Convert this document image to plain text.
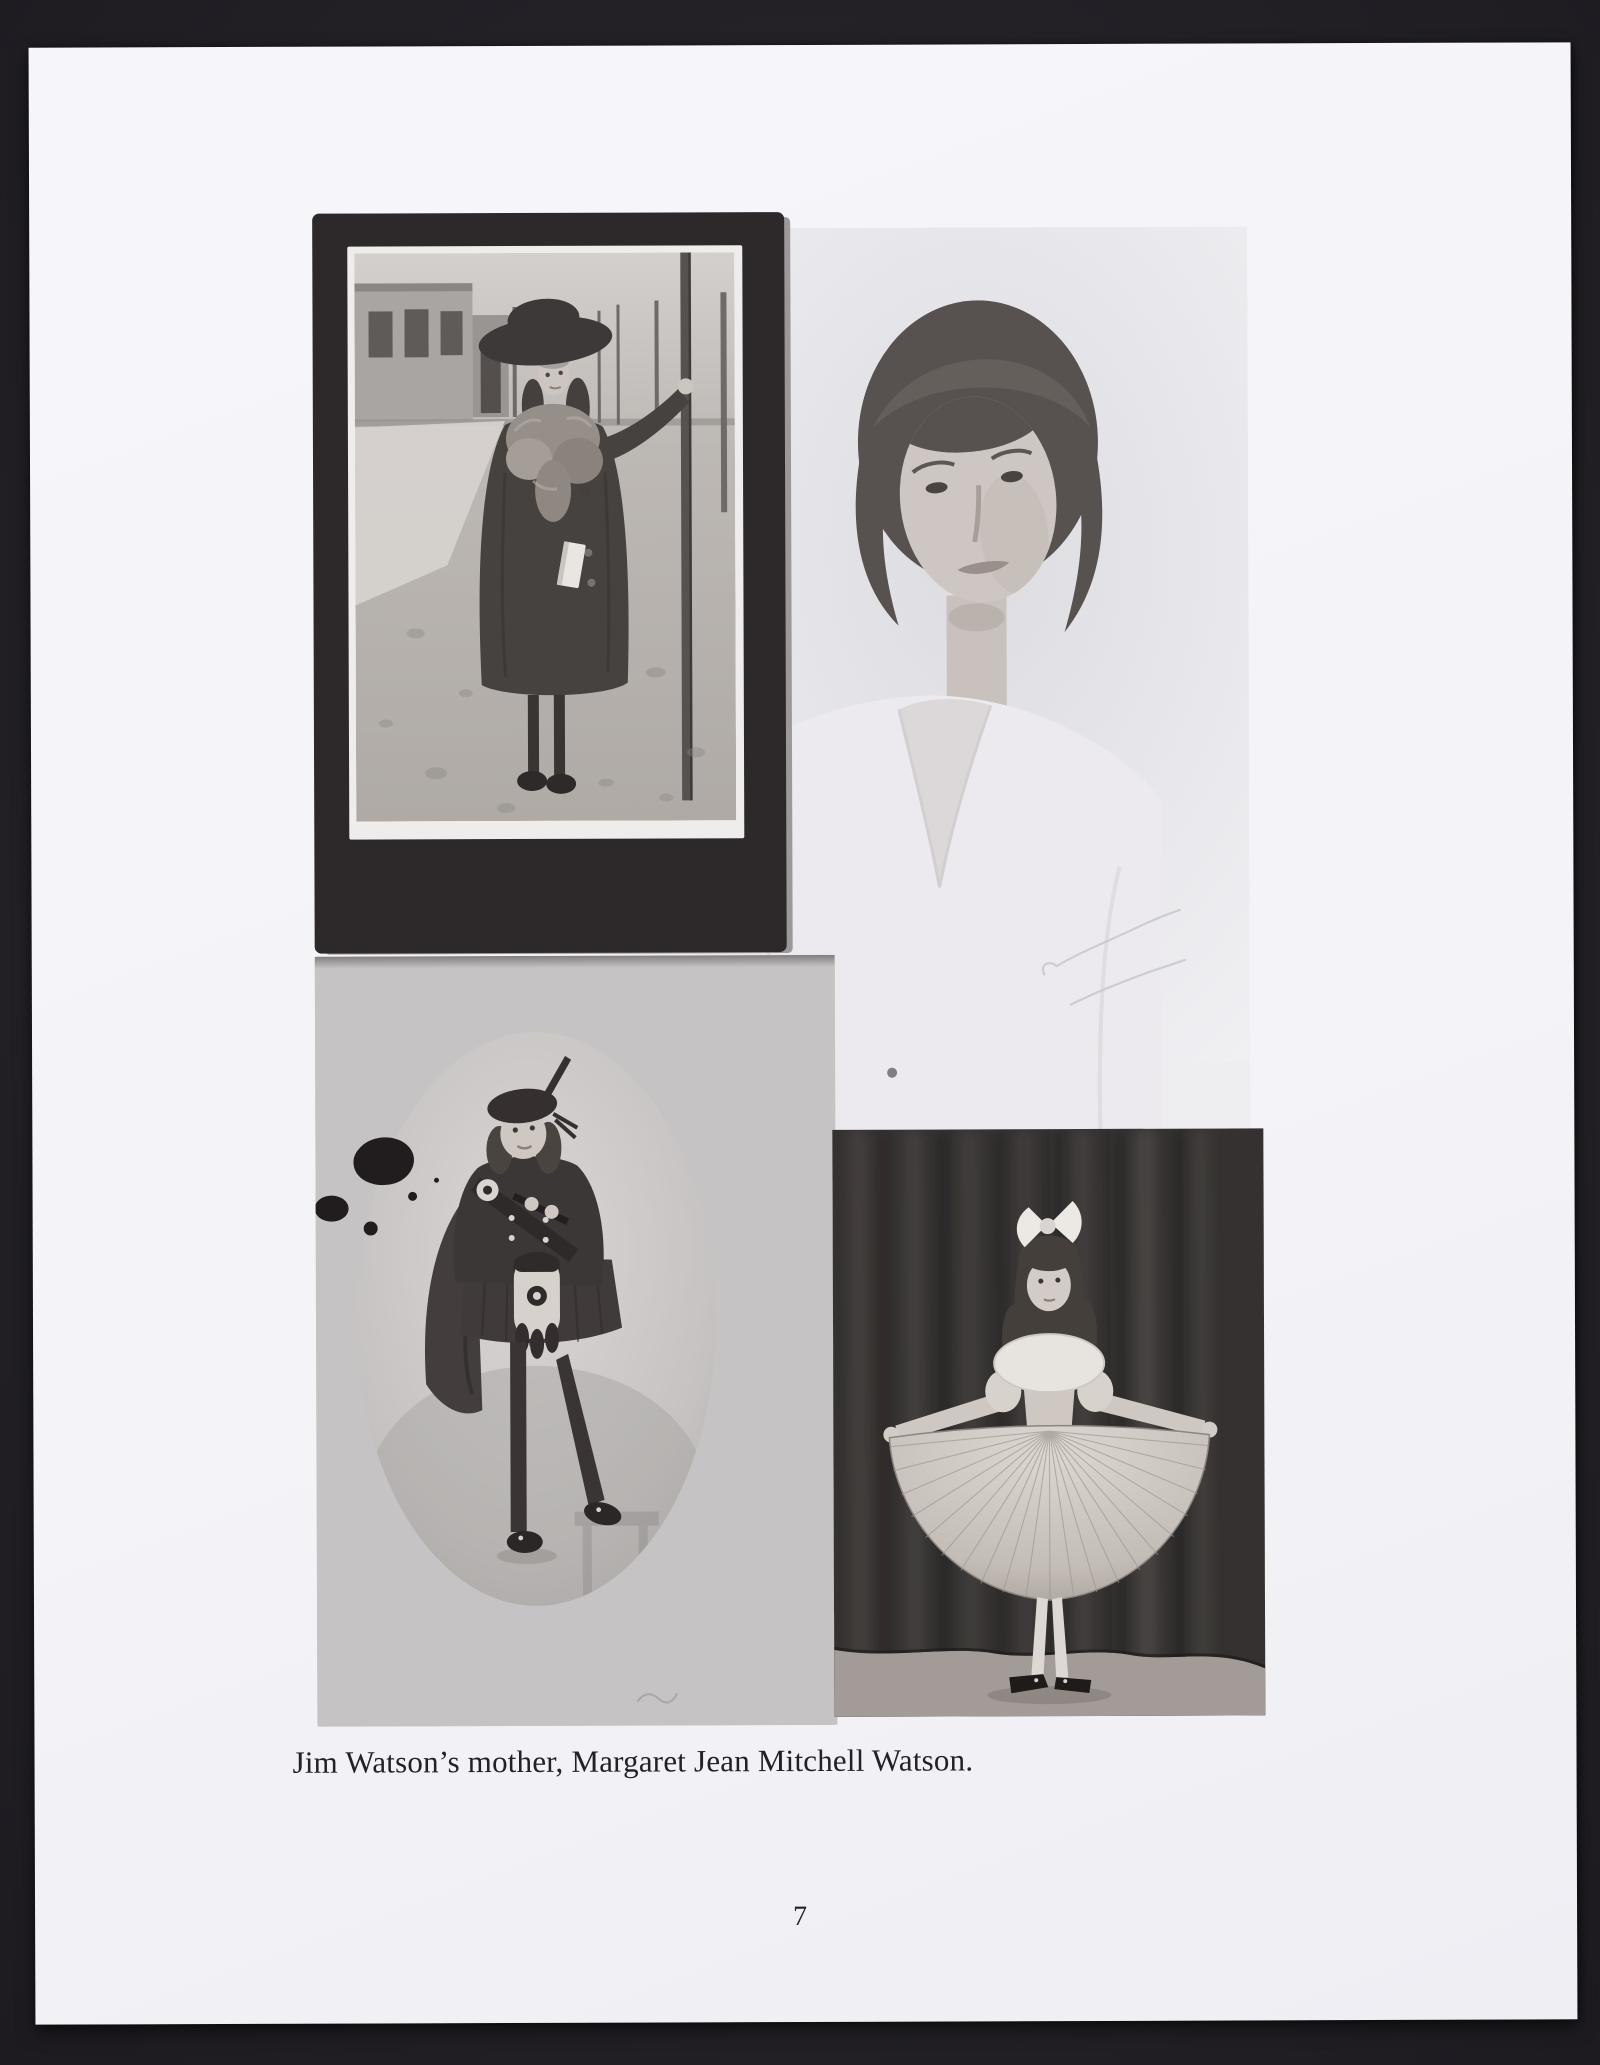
Jim Watson’s mother, Margaret Jean Mitchell Watson.

7
